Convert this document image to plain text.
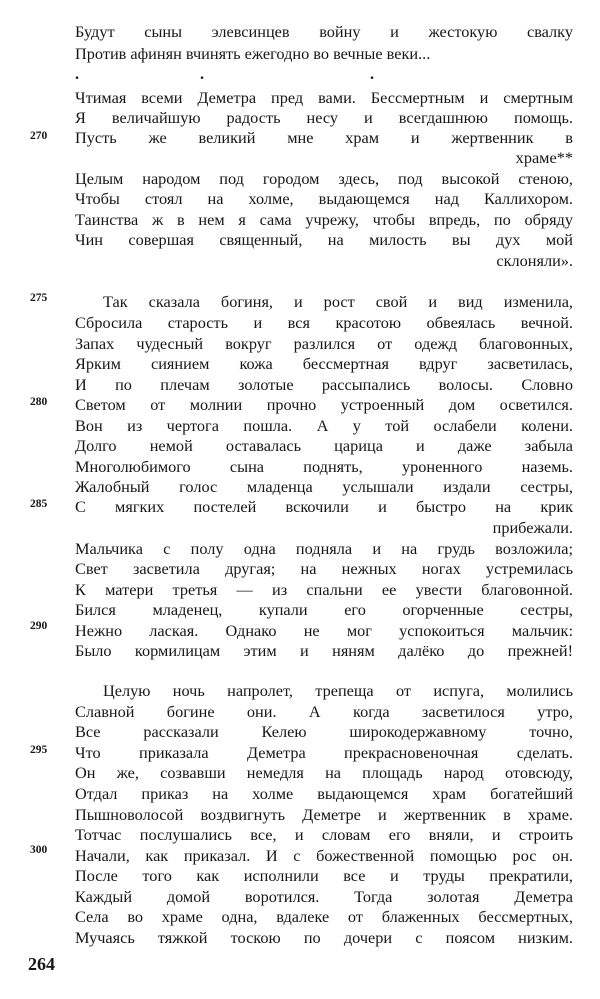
Будут сыны элевсинцев войну и жестокую свалку
Против афинян вчинять ежегодно во вечные веки...
.	.	.
Чтимая всеми Деметра пред вами. Бессмертным и смертным
Я величайшую радость несу и всегдашнюю помощь.
270 Пусть же великий мне храм и жертвенник в
храме**
Целым народом под городом здесь, под высокой стеною,
Чтобы стоял на холме, выдающемся над Каллихором.
Таинства ж в нем я сама учрежу, чтобы впредь, по обряду
Чин совершая священный, на милость вы дух мой
склоняли».
275	Так сказала богиня, и рост свой и вид изменила,
Сбросила старость и вся красотою обвеялась вечной.
Запах чудесный вокруг разлился от одежд благовонных,
Ярким сиянием кожа бессмертная вдруг засветилась,
И по плечам золотые рассыпались волосы. Словно
280 Светом от молнии прочно устроенный дом осветился.
Вон из чертога пошла. А у той ослабели колени.
Долго немой оставалась царица и даже забыла
Многолюбимого сына поднять, уроненного наземь.
Жалобный голос младенца услышали издали сестры,
285 С мягких постелей вскочили и быстро на крик
прибежали.
Мальчика с полу одна подняла и на грудь возложила;
Свет засветила другая; на нежных ногах устремилась
К матери третья — из спальни ее увести благовонной.
Бился младенец, купали его огорченные сестры,
290 Нежно лаская. Однако не мог успокоиться мальчик:
Было кормилицам этим и няням далёко до прежней!
Целую ночь напролет, трепеща от испуга, молились
Славной богине они. А когда засветилося утро,
Все рассказали Келею широкодержавному точно,
295 Что приказала Деметра прекрасновеночная сделать.
Он же, созвавши немедля на площадь народ отовсюду,
Отдал приказ на холме выдающемся храм богатейший
Пышноволосой воздвигнуть Деметре и жертвенник в храме.
Тотчас послушались все, и словам его вняли, и строить
300 Начали, как приказал. И с божественной помощью рос он.
После того как исполнили все и труды прекратили,
Каждый домой воротился. Тогда золотая Деметра
Села во храме одна, вдалеке от блаженных бессмертных,
Мучаясь тяжкой тоскою по дочери с поясом низким.
264
